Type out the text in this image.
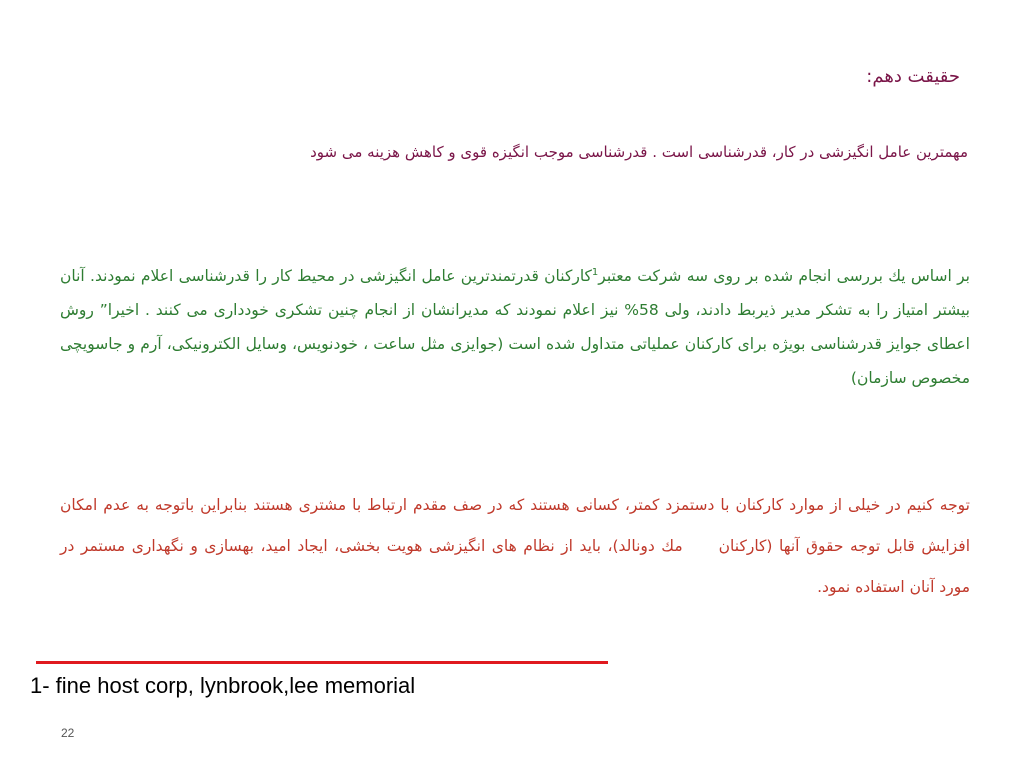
حقیقت دهم:
مهمترین عامل انگیزشی در کار، قدرشناسی است . قدرشناسی موجب انگیزه قوی و کاهش هزینه می شود
بر اساس یك بررسی انجام شده بر روی سه شرکت معتبر$^1$کارکنان قدرتمندترین عامل انگیزشی در محیط کار را قدرشناسی اعلام نمودند. آنان بیشتر امتیاز را به تشکر مدیر ذیربط دادند، ولی 58% نیز اعلام نمودند که مدیرانشان از انجام چنین تشکری خودداری می کنند . اخیرا” روش اعطای جوایز قدرشناسی بویژه برای کارکنان عملیاتی متداول شده است (جوایزی مثل ساعت ، خودنویس، وسایل الکترونیکی، آرم و جاسویچی مخصوص سازمان)
توجه کنیم در خیلی از موارد کارکنان با دستمزد کمتر، کسانی هستند که در صف مقدم ارتباط با مشتری هستند بنابراین باتوجه به عدم امکان افزایش قابل توجه حقوق آنها (کارکنانمك دونالد)، باید از نظام های انگیزشی هویت بخشی، ایجاد امید، بهسازی و نگهداری مستمر در مورد آنان استفاده نمود.
1- fine host corp, lynbrook,lee memorial
22
